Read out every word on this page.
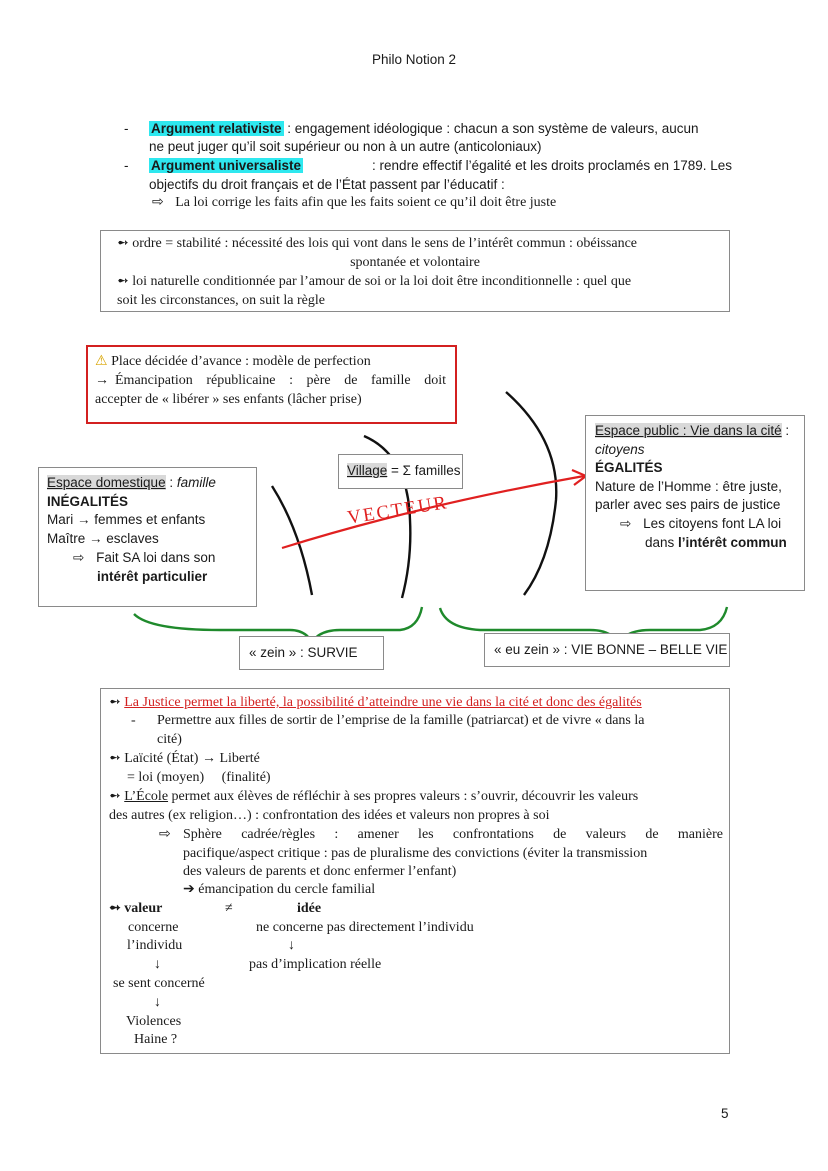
Philo Notion 2
- Argument relativiste : engagement idéologique : chacun a son système de valeurs, aucun
ne peut juger qu’il soit supérieur ou non à un autre (anticoloniaux)
- Argument universaliste	: rendre effectif l’égalité et les droits proclamés en 1789. Les
objectifs du droit français et de l’État passent par l’éducatif :
⇨ La loi corrige les faits afin que les faits soient ce qu’il doit être juste
➻ ordre = stabilité : nécessité des lois qui vont dans le sens de l’intérêt commun : obéissance
spontanée et volontaire
➻ loi naturelle conditionnée par l’amour de soi or la loi doit être inconditionnelle : quel que
soit les circonstances, on suit la règle
VECTEUR
⚠ Place décidée d’avance : modèle de perfection
→ Émancipation républicaine : père de famille doit
accepter de « libérer » ses enfants (lâcher prise)
Espace domestique : famille
INÉGALITÉS
Mari → femmes et enfants
Maître → esclaves
⇨ Fait SA loi dans son
intérêt particulier
Village = Σ familles
Espace public : Vie dans la cité :
citoyens
ÉGALITÉS
Nature de l’Homme : être juste,
parler avec ses pairs de justice
⇨ Les citoyens font LA loi
dans l’intérêt commun
« zein » : SURVIE	« eu zein » : VIE BONNE – BELLE VIE
➻ La Justice permet la liberté, la possibilité d’atteindre une vie dans la cité et donc des égalités
- Permettre aux filles de sortir de l’emprise de la famille (patriarcat) et de vivre « dans la
cité)
➻ Laïcité (État) → Liberté
= loi (moyen)     (finalité)
➻ L’École permet aux élèves de réfléchir à ses propres valeurs : s’ouvrir, découvrir les valeurs
des autres (ex religion…) : confrontation des idées et valeurs non propres à soi
⇨ Sphère cadrée/règles : amener les confrontations de valeurs de manière
pacifique/aspect critique : pas de pluralisme des convictions (éviter la transmission
des valeurs de parents et donc enfermer l’enfant)
➔ émancipation du cercle familial
➻ valeur	≠	idée
concerne	ne concerne pas directement l’individu
l’individu	↓
↓	pas d’implication réelle
se sent concerné
↓
Violences
Haine ?
5
